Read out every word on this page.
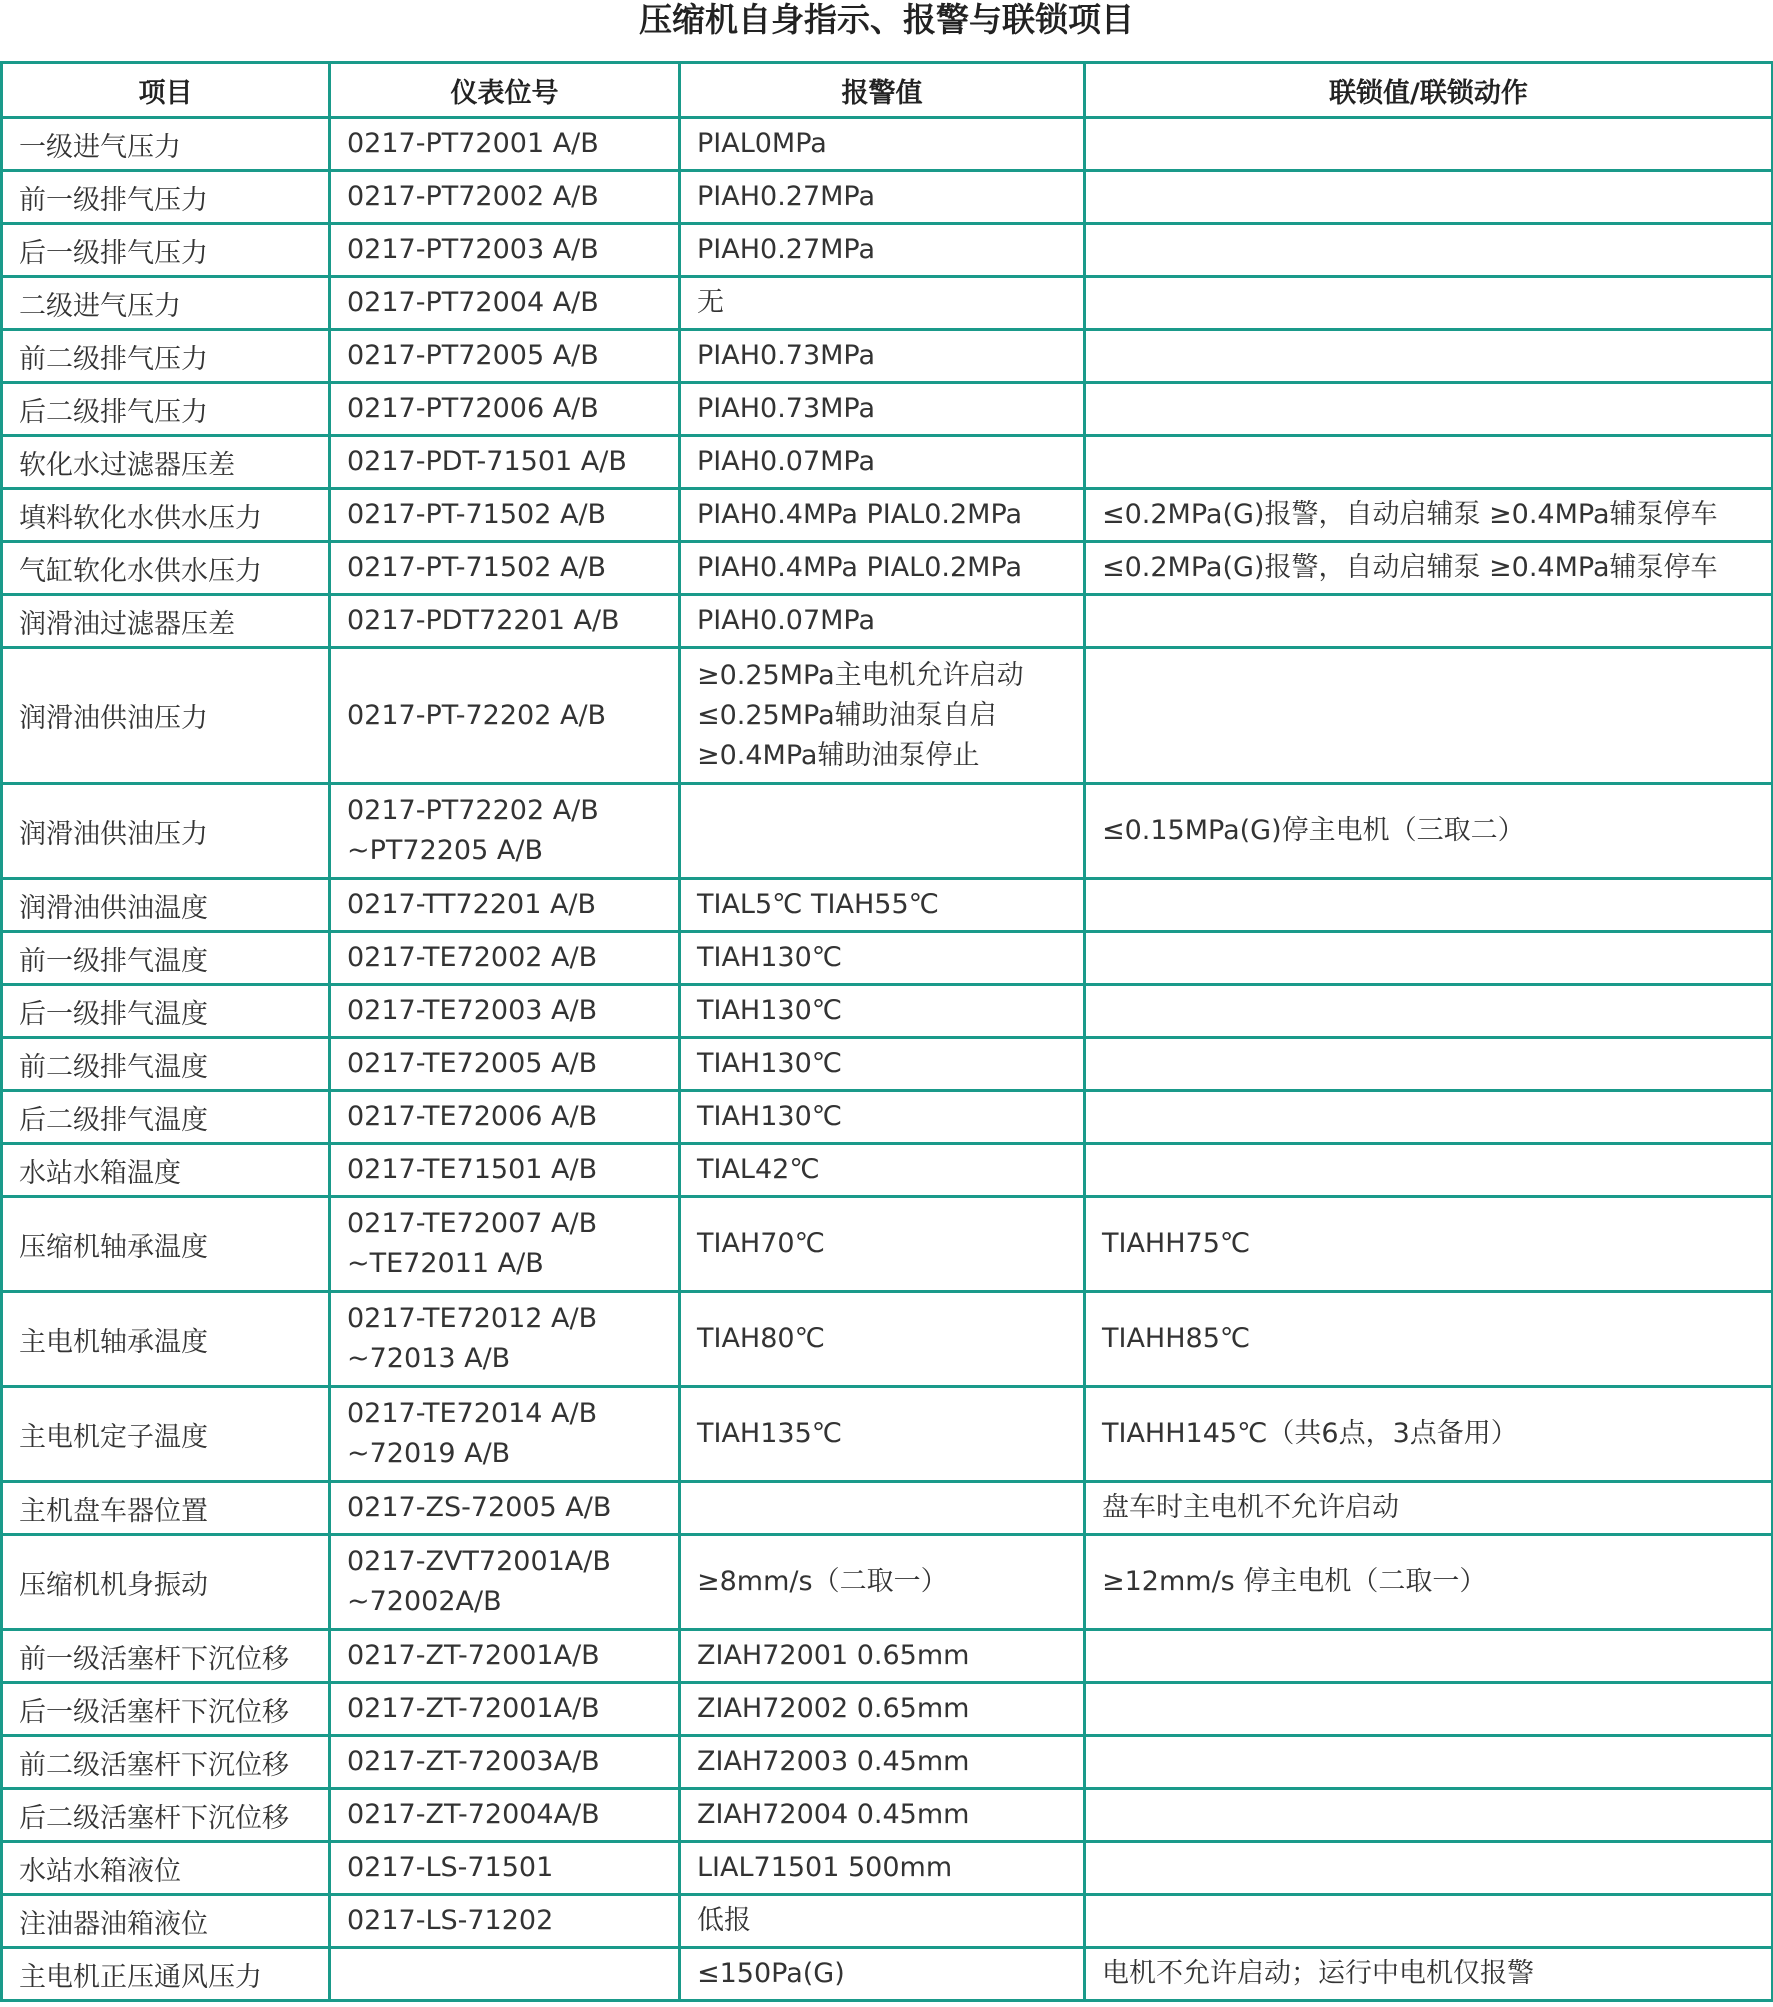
压缩机自身指示、报警与联锁项目
项目	仪表位号	报警值	联锁值/联锁动作
一级进气压力	0217-PT72001 A/B	PIAL0MPa	

前一级排气压力	0217-PT72002 A/B	PIAH0.27MPa	

后一级排气压力	0217-PT72003 A/B	PIAH0.27MPa	

二级进气压力	0217-PT72004 A/B	无	

前二级排气压力	0217-PT72005 A/B	PIAH0.73MPa	

后二级排气压力	0217-PT72006 A/B	PIAH0.73MPa	

软化水过滤器压差	0217-PDT-71501 A/B	PIAH0.07MPa	

填料软化水供水压力	0217-PT-71502 A/B	PIAH0.4MPa PIAL0.2MPa	≤0.2MPa(G)报警，自动启辅泵 ≥0.4MPa辅泵停车

气缸软化水供水压力	0217-PT-71502 A/B	PIAH0.4MPa PIAL0.2MPa	≤0.2MPa(G)报警，自动启辅泵 ≥0.4MPa辅泵停车

润滑油过滤器压差	0217-PDT72201 A/B	PIAH0.07MPa	

润滑油供油压力	0217-PT-72202 A/B	≥0.25MPa主电机允许启动
≤0.25MPa辅助油泵自启
≥0.4MPa辅助油泵停止	

润滑油供油压力	0217-PT72202 A/B
~PT72205 A/B		≤0.15MPa(G)停主电机（三取二）

润滑油供油温度	0217-TT72201 A/B	TIAL5℃ TIAH55℃	

前一级排气温度	0217-TE72002 A/B	TIAH130℃	

后一级排气温度	0217-TE72003 A/B	TIAH130℃	

前二级排气温度	0217-TE72005 A/B	TIAH130℃	

后二级排气温度	0217-TE72006 A/B	TIAH130℃	

水站水箱温度	0217-TE71501 A/B	TIAL42℃	

压缩机轴承温度	0217-TE72007 A/B
~TE72011 A/B	TIAH70℃	TIAHH75℃

主电机轴承温度	0217-TE72012 A/B
~72013 A/B	TIAH80℃	TIAHH85℃

主电机定子温度	0217-TE72014 A/B
~72019 A/B	TIAH135℃	TIAHH145℃（共6点，3点备用）

主机盘车器位置	0217-ZS-72005 A/B		盘车时主电机不允许启动

压缩机机身振动	0217-ZVT72001A/B
~72002A/B	≥8mm/s（二取一）	≥12mm/s 停主电机（二取一）

前一级活塞杆下沉位移	0217-ZT-72001A/B	ZIAH72001 0.65mm	

后一级活塞杆下沉位移	0217-ZT-72001A/B	ZIAH72002 0.65mm	

前二级活塞杆下沉位移	0217-ZT-72003A/B	ZIAH72003 0.45mm	

后二级活塞杆下沉位移	0217-ZT-72004A/B	ZIAH72004 0.45mm	

水站水箱液位	0217-LS-71501	LIAL71501 500mm	

注油器油箱液位	0217-LS-71202	低报	

主电机正压通风压力		≤150Pa(G)	电机不允许启动；运行中电机仅报警
